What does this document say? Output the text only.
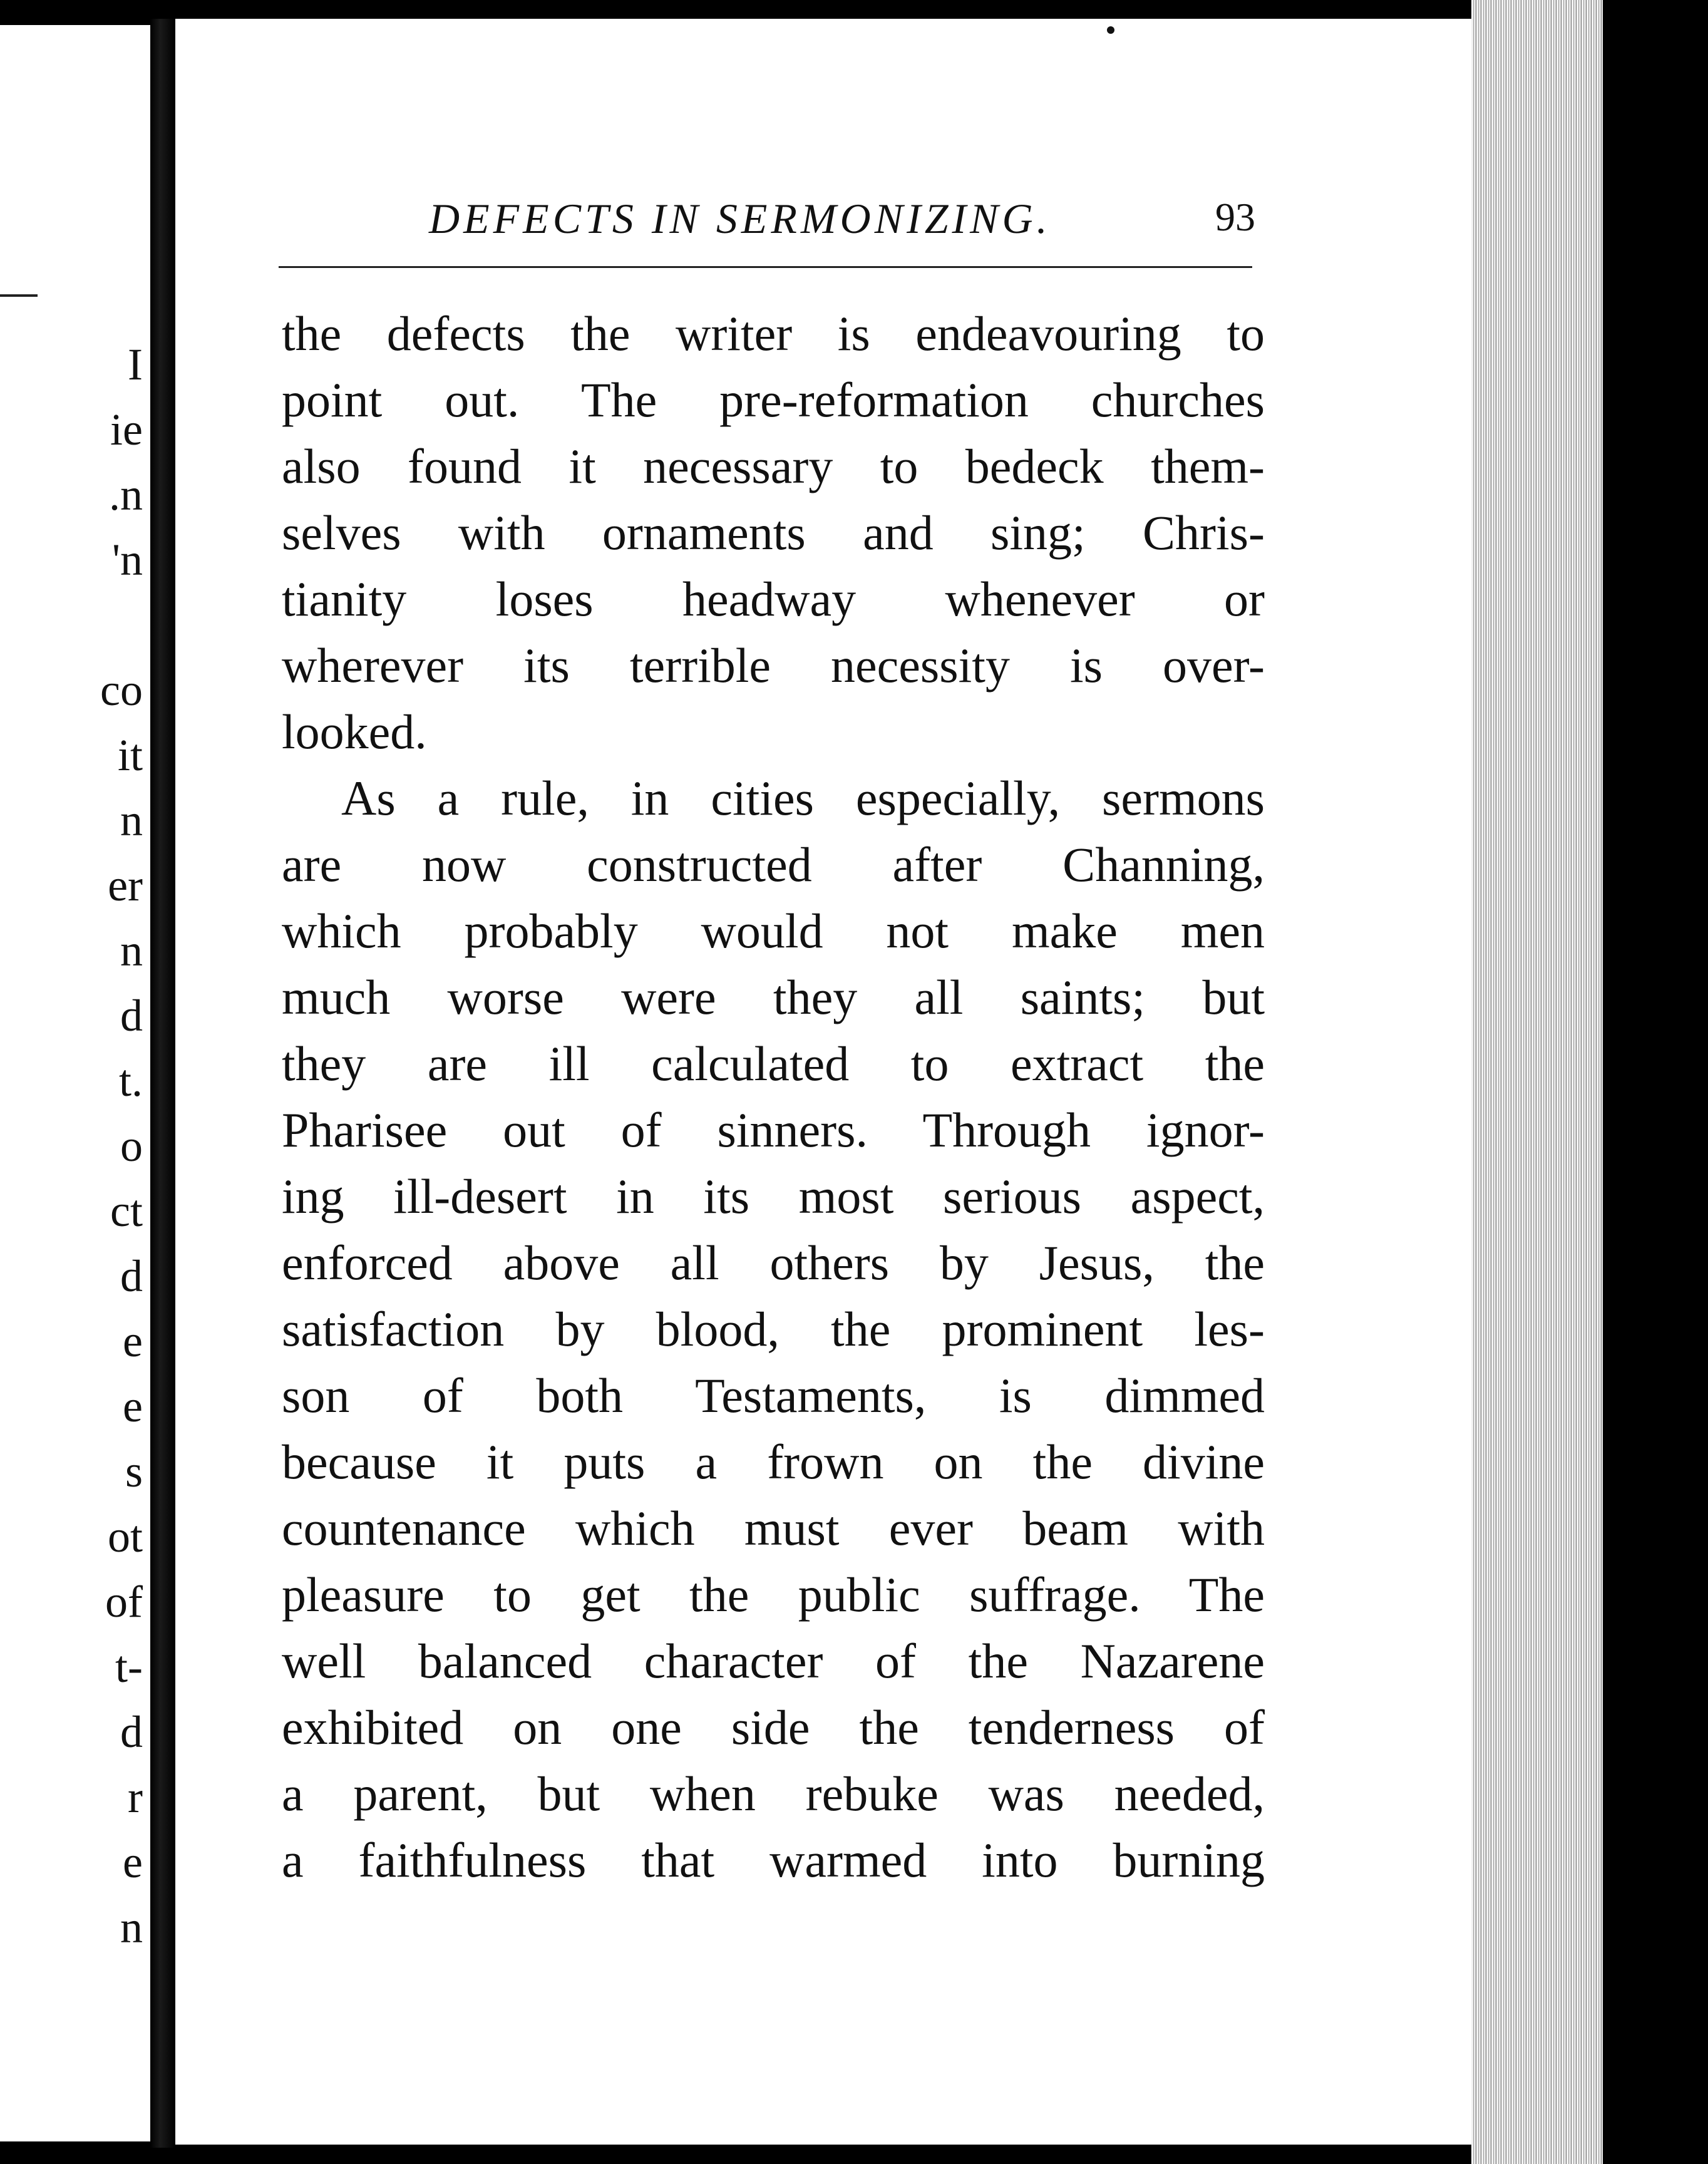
I
ie
.n
'n
co
it
n
er
n
d
t.
o
ct
d
e
e
s
ot
of
t-
d
r
e
n
DEFECTS IN SERMONIZING.	93
the defects the writer is endeavouring to
point out. The pre-reformation churches
also found it necessary to bedeck them-
selves with ornaments and sing; Chris-
tianity loses headway whenever or
wherever its terrible necessity is over-
looked.
As a rule, in cities especially, sermons
are now constructed after Channing,
which probably would not make men
much worse were they all saints; but
they are ill calculated to extract the
Pharisee out of sinners. Through ignor-
ing ill-desert in its most serious aspect,
enforced above all others by Jesus, the
satisfaction by blood, the prominent les-
son of both Testaments, is dimmed
because it puts a frown on the divine
countenance which must ever beam with
pleasure to get the public suffrage. The
well balanced character of the Nazarene
exhibited on one side the tenderness of
a parent, but when rebuke was needed,
a faithfulness that warmed into burning
